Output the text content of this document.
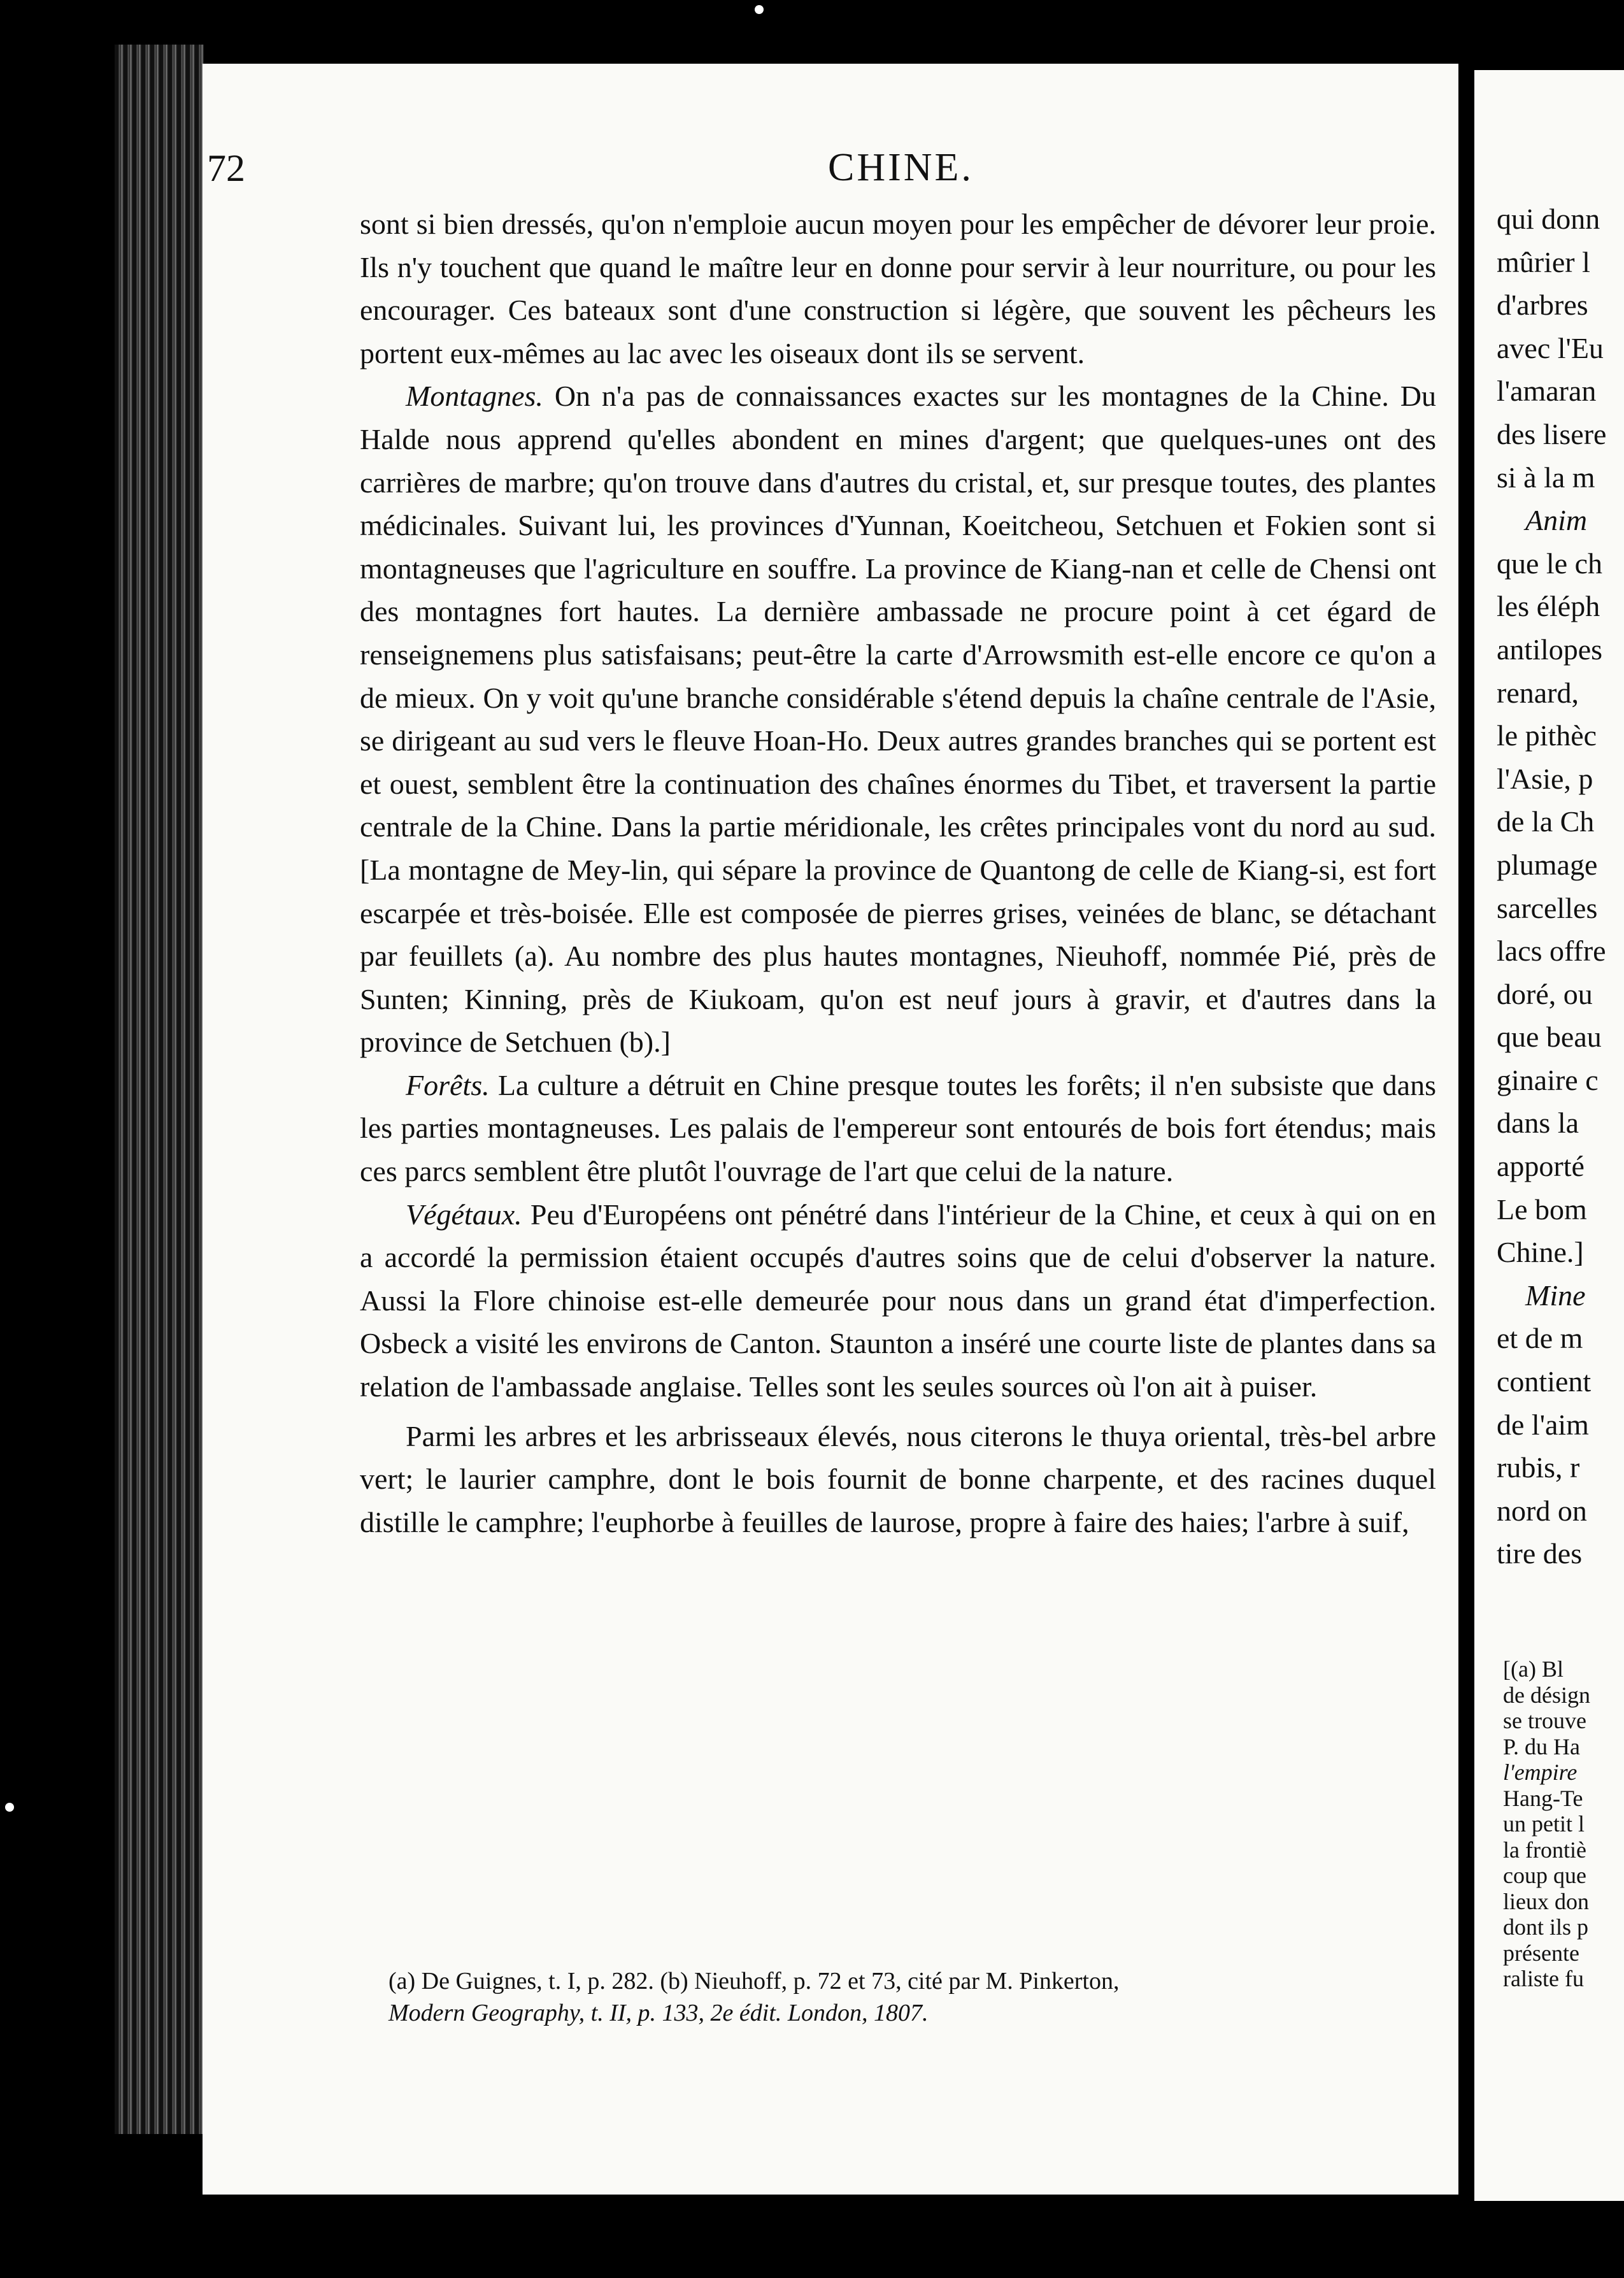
72	CHINE.

sont si bien dressés, qu'on n'emploie aucun moyen pour les empêcher de dévorer leur proie. Ils n'y touchent que quand le maître leur en donne pour servir à leur nourriture, ou pour les encourager. Ces bateaux sont d'une construction si légère, que souvent les pêcheurs les portent eux-mêmes au lac avec les oiseaux dont ils se servent.

Montagnes. On n'a pas de connaissances exactes sur les montagnes de la Chine. Du Halde nous apprend qu'elles abondent en mines d'argent; que quelques-unes ont des carrières de marbre; qu'on trouve dans d'autres du cristal, et, sur presque toutes, des plantes médicinales. Suivant lui, les provinces d'Yunnan, Koeitcheou, Setchuen et Fokien sont si montagneuses que l'agriculture en souffre. La province de Kiang-nan et celle de Chensi ont des montagnes fort hautes. La dernière ambassade ne procure point à cet égard de renseignemens plus satisfaisans; peut-être la carte d'Arrowsmith est-elle encore ce qu'on a de mieux. On y voit qu'une branche considérable s'étend depuis la chaîne centrale de l'Asie, se dirigeant au sud vers le fleuve Hoan-Ho. Deux autres grandes branches qui se portent est et ouest, semblent être la continuation des chaînes énormes du Tibet, et traversent la partie centrale de la Chine. Dans la partie méridionale, les crêtes principales vont du nord au sud. [La montagne de Mey-lin, qui sépare la province de Quantong de celle de Kiang-si, est fort escarpée et très-boisée. Elle est composée de pierres grises, veinées de blanc, se détachant par feuillets (a). Au nombre des plus hautes montagnes, Nieuhoff, nommée Pié, près de Sunten; Kinning, près de Kiukoam, qu'on est neuf jours à gravir, et d'autres dans la province de Setchuen (b).]

Forêts. La culture a détruit en Chine presque toutes les forêts; il n'en subsiste que dans les parties montagneuses. Les palais de l'empereur sont entourés de bois fort étendus; mais ces parcs semblent être plutôt l'ouvrage de l'art que celui de la nature.

Végétaux. Peu d'Européens ont pénétré dans l'intérieur de la Chine, et ceux à qui on en a accordé la permission étaient occupés d'autres soins que de celui d'observer la nature. Aussi la Flore chinoise est-elle demeurée pour nous dans un grand état d'imperfection. Osbeck a visité les environs de Canton. Staunton a inséré une courte liste de plantes dans sa relation de l'ambassade anglaise. Telles sont les seules sources où l'on ait à puiser.

Parmi les arbres et les arbrisseaux élevés, nous citerons le thuya oriental, très-bel arbre vert; le laurier camphre, dont le bois fournit de bonne charpente, et des racines duquel distille le camphre; l'euphorbe à feuilles de laurose, propre à faire des haies; l'arbre à suif,

(a) De Guignes, t. I, p. 282. (b) Nieuhoff, p. 72 et 73, cité par M. Pinkerton,
Modern Geography, t. II, p. 133, 2e édit. London, 1807.
qui donn
mûrier l
d'arbres
avec l'Eu
l'amaran
des lisere
si à la m
Anim
que le ch
les éléph
antilopes
renard,
le pithèc
l'Asie, p
de la Ch
plumage
sarcelles
lacs offre
doré, ou
que beau
ginaire c
dans la
apporté
Le bom
Chine.]
Mine
et de m
contient
de l'aim
rubis, r
nord on
tire des
[(a) Bl
de désign
se trouve
P. du Ha
l'empire
Hang-Te
un petit l
la frontiè
coup que
lieux don
dont ils p
présente
raliste fu
